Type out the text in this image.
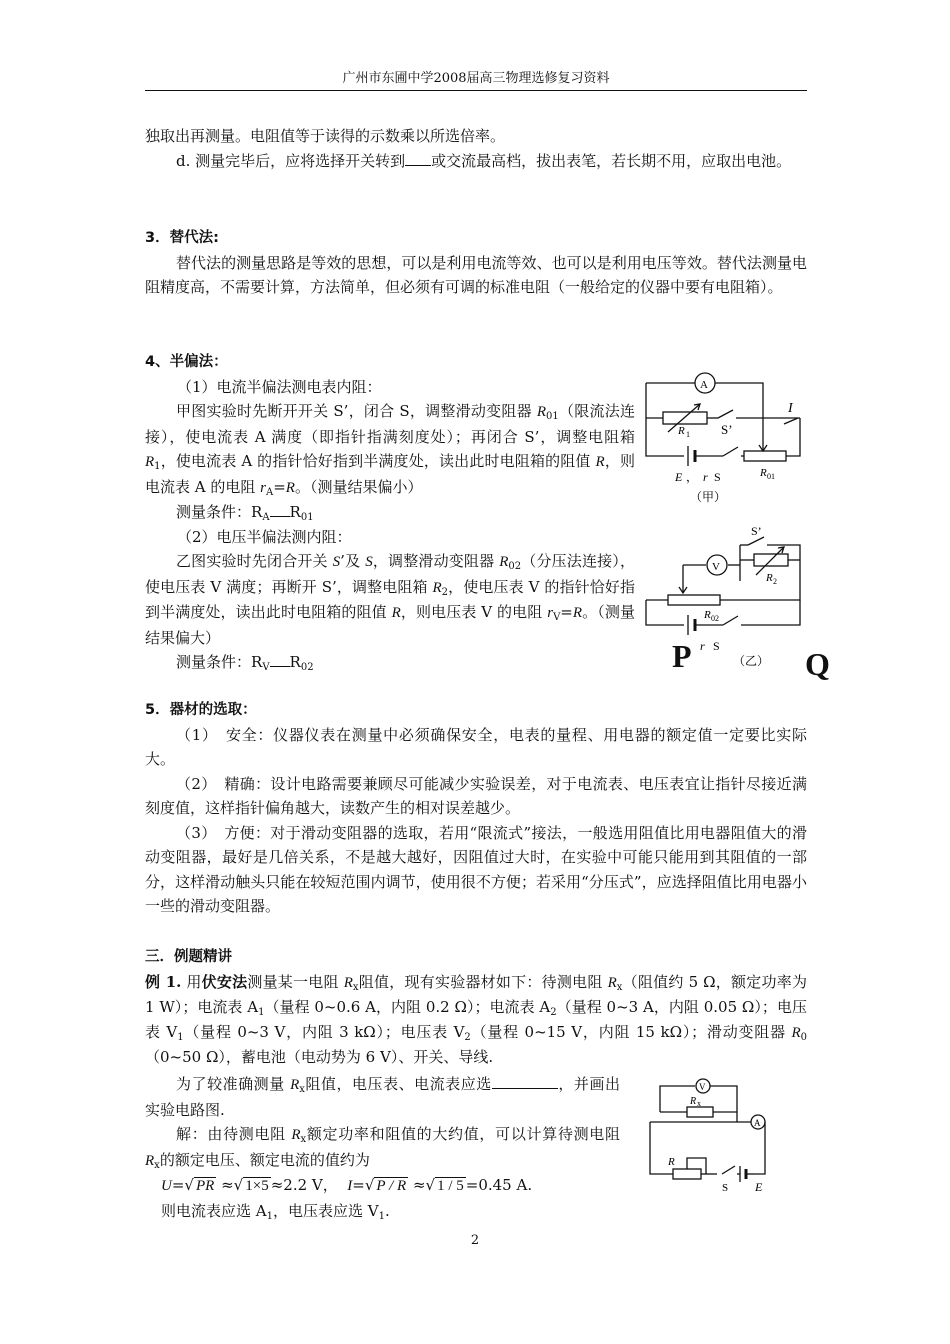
广州市东圃中学2008届高三物理选修复习资料

独取出再测量。电阻值等于读得的示数乘以所选倍率。

d. 测量完毕后，应将选择开关转到 或交流最高档，拔出表笔，若长期不用，应取出电池。

3．替代法:

替代法的测量思路是等效的思想，可以是利用电流等效、也可以是利用电压等效。替代法测量电阻精度高，不需要计算，方法简单，但必须有可调的标准电阻（一般给定的仪器中要有电阻箱）。

4、半偏法：

（1）电流半偏法测电表内阻：

甲图实验时先断开开关 S’，闭合 S，调整滑动变阻器 $R_{01}$（限流法连接），使电流表 A 满度（即指针指满刻度处）；再闭合 S’，调整电阻箱 $R_1$，使电流表 A 的指针恰好指到半满度处，读出此时电阻箱的阻值 R，则电流表 A 的电阻 $r_A=R$。（测量结果偏小）

测量条件：$R_A$ $R_{01}$

（2）电压半偏法测内阻：

乙图实验时先闭合开关 S’及 S，调整滑动变阻器 $R_{02}$（分压法连接），使电压表 V 满度；再断开 S’，调整电阻箱 $R_2$，使电压表 V 的指针恰好指到半满度处，读出此时电阻箱的阻值 R，则电压表 V 的电阻 $r_V=R$。（测量结果偏大）

测量条件：$R_V$ $R_{02}$

A
R 1 S’
I
E ， r S	R 01
（甲）
V
S’
R 2
R 02
r S
（乙）
P	Q

5．器材的选取：

（1）　安全：仪器仪表在测量中必须确保安全，电表的量程、用电器的额定值一定要比实际大。

（2）　精确：设计电路需要兼顾尽可能减少实验误差，对于电流表、电压表宜让指针尽接近满刻度值，这样指针偏角越大，读数产生的相对误差越少。

（3）　方便：对于滑动变阻器的选取，若用“限流式”接法，一般选用阻值比用电器阻值大的滑动变阻器，最好是几倍关系，不是越大越好，因阻值过大时，在实验中可能只能用到其阻值的一部分，这样滑动触头只能在较短范围内调节，使用很不方便；若采用“分压式”，应选择阻值比用电器小一些的滑动变阻器。

三．例题精讲

例 1. 用伏安法测量某一电阻 $R_x$阻值，现有实验器材如下：待测电阻 $R_x$（阻值约 5 Ω，额定功率为 1 W）；电流表 $A_1$（量程 0~0.6 A，内阻 0.2 Ω）；电流表 $A_2$（量程 0~3 A，内阻 0.05 Ω）；电压表 $V_1$（量程 0~3 V，内阻 3 kΩ）；电压表 $V_2$（量程 0~15 V，内阻 15 kΩ）；滑动变阻器 $R_0(0\sim 50$ Ω），蓄电池（电动势为 6 V）、开关、导线.

为了较准确测量 $R_x$阻值，电压表、电流表应选	，并画出实验电路图.

解：由待测电阻 $R_x$额定功率和阻值的大约值，可以计算待测电阻 $R_x$的额定电压、额定电流的值约为

U=√ PR ≈√ 1×5 ≈2.2 V， I=√ P / R ≈√ 1 / 5 =0.45 A.

则电流表应选 $A_1$，电压表应选 $V_1$.

V
A
R x
R
S E
2
